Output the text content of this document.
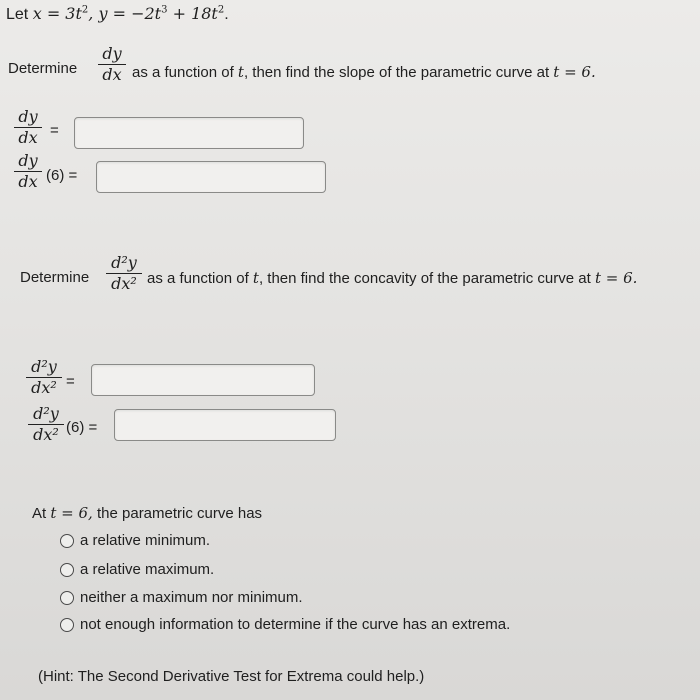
Let $x = 3t^2$, $y = -2t^3 + 18t^2$.
Determine
dy
dx as a function of t, then find the slope of the parametric curve at t = 6.
dy
dx =
dy
dx (6) =
Determine
d²y
dx² as a function of t, then find the concavity of the parametric curve at t = 6.
d²y
dx² =
d²y
dx² (6) =
At t = 6, the parametric curve has
a relative minimum.
a relative maximum.
neither a maximum nor minimum.
not enough information to determine if the curve has an extrema.
(Hint: The Second Derivative Test for Extrema could help.)
